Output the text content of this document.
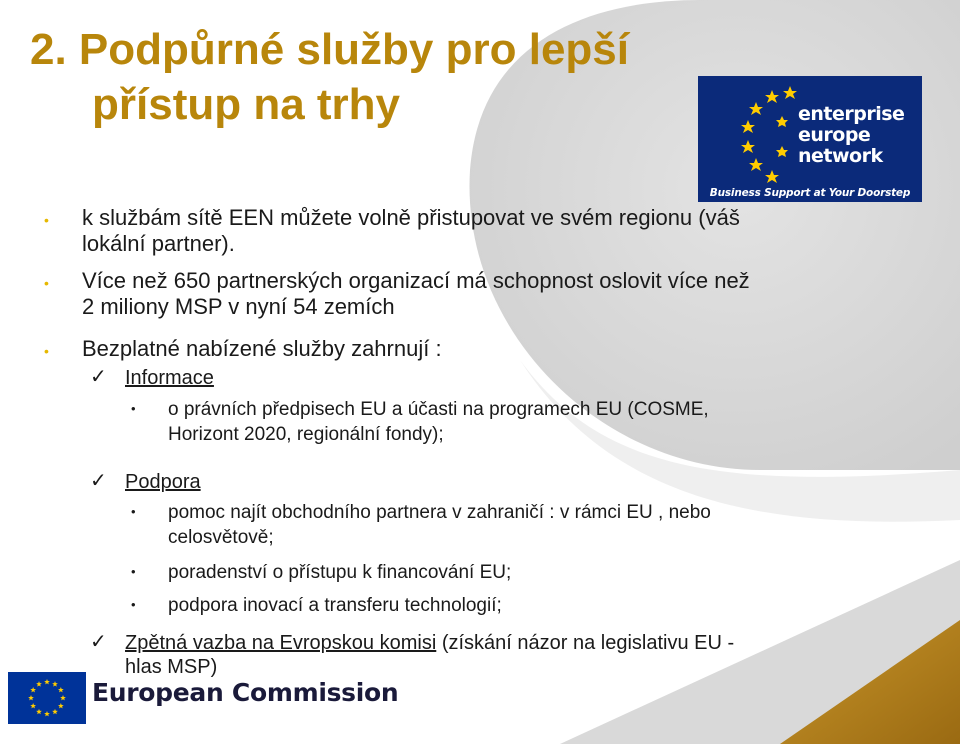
2. Podpůrné služby pro lepší
přístup na trhy	enterprise
europe
network
Business Support at Your Doorstep
• k službám sítě EEN můžete volně přistupovat ve svém regionu (váš

lokální partner).

• Více než 650 partnerských organizací má schopnost oslovit více než

2 miliony MSP v nyní 54 zemích

• Bezplatné nabízené služby zahrnují :

✓ Informace

• o právních předpisech EU a účasti na programech EU (COSME,

Horizont 2020, regionální fondy);

✓ Podpora

• pomoc najít obchodního partnera v zahraničí : v rámci EU , nebo

celosvětově;

• poradenství o přístupu k financování EU;

• podpora inovací a transferu technologií;

✓ Zpětná vazba na Evropskou komisi (získání názor na legislativu EU -

hlas MSP)

European Commission
